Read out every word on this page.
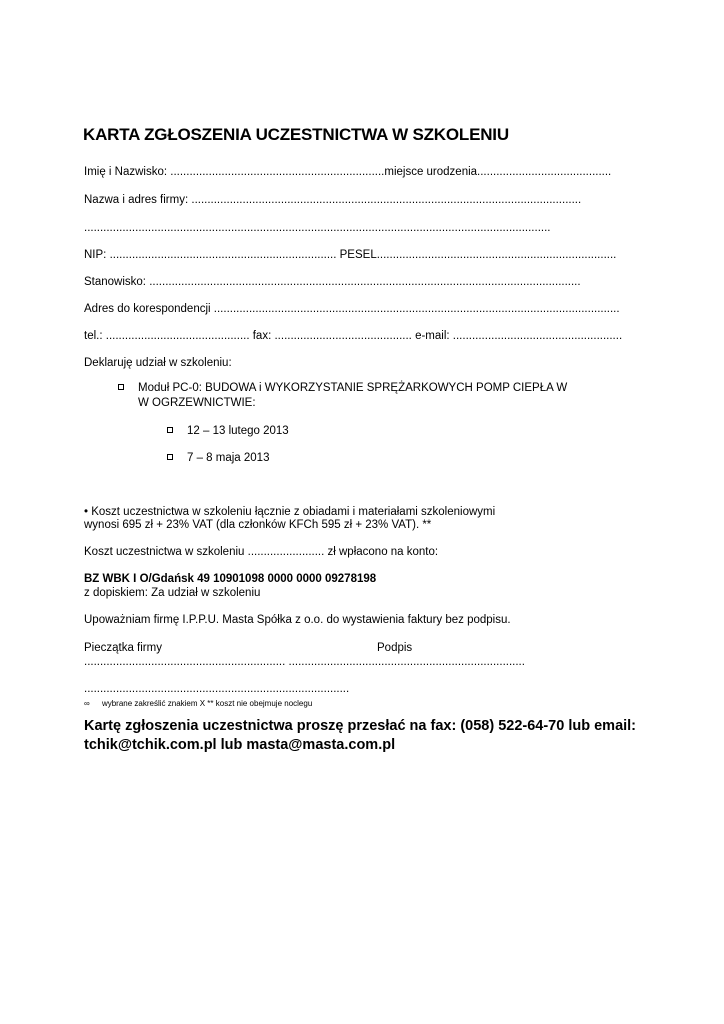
KARTA ZGŁOSZENIA UCZESTNICTWA W SZKOLENIU
Imię i Nazwisko: ...................................................................miejsce urodzenia..........................................
Nazwa i adres firmy: ..........................................................................................................................
..................................................................................................................................................
NIP: ....................................................................... PESEL...........................................................................
Stanowisko: .......................................................................................................................................
Adres do korespondencji ...............................................................................................................................
tel.: ............................................. fax: ........................................... e-mail: .....................................................
Deklaruję udział w szkoleniu:
Moduł PC-0: BUDOWA i WYKORZYSTANIE SPRĘŻARKOWYCH POMP CIEPŁA W
W OGRZEWNICTWIE:
12 – 13 lutego 2013
7 – 8 maja 2013
• Koszt uczestnictwa w szkoleniu łącznie z obiadami i materiałami szkoleniowymi
wynosi 695 zł + 23% VAT (dla członków KFCh 595 zł + 23% VAT). **
Koszt uczestnictwa w szkoleniu ........................ zł wpłacono na konto:
BZ WBK I O/Gdańsk 49 10901098 0000 0000 09278198
z dopiskiem: Za udział w szkoleniu
Upoważniam firmę I.P.P.U. Masta Spółka z o.o. do wystawienia faktury bez podpisu.
Pieczątka firmy	Podpis
............................................................... ..........................................................................
...................................................................................
∞ wybrane zakreślić znakiem X ** koszt nie obejmuje noclegu
Kartę zgłoszenia uczestnictwa proszę przesłać na fax: (058) 522-64-70 lub email:
tchik@tchik.com.pl lub masta@masta.com.pl
